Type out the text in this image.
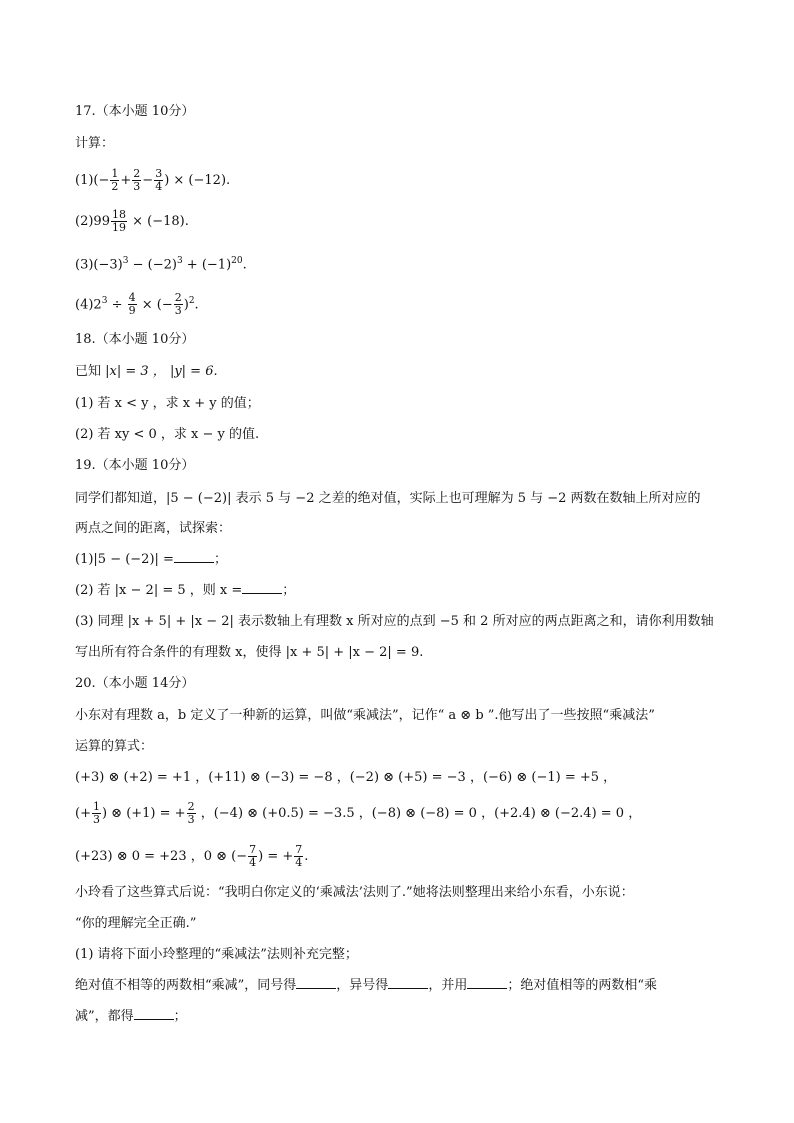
17.（本小题 10分）
计算：
$(1)(- \frac{1}{2} + \frac{2}{3} - \frac{3}{4}$ ) × (−12).
$(2)99 \frac{18}{19} \times (-18)$.
$(3)(-3)^3 - (-2)^3 + (-1)^{20}$.
$(4)2^3 \div \frac{4}{9}$ × (− $\frac{2}{3} )^2$.
18.（本小题 10分）
已知 |x| = 3 ， |y| = 6.
(1) 若 x < y ，求 x + y 的值；
(2) 若 xy < 0 ，求 x − y 的值.
19.（本小题 10分）
同学们都知道，|5 − (−2)| 表示 5 与 −2 之差的绝对值，实际上也可理解为 5 与 −2 两数在数轴上所对应的
两点之间的距离，试探索：
(1)|5 − (−2)| =	；
(2) 若 |x − 2| = 5 ，则 x =	；
(3) 同理 |x + 5| + |x − 2| 表示数轴上有理数 x 所对应的点到 −5 和 2 所对应的两点距离之和，请你利用数轴
写出所有符合条件的有理数 x，使得 |x + 5| + |x − 2| = 9.
20.（本小题 14分）
小东对有理数 a，b 定义了一种新的运算，叫做“乘减法”，记作“ a ⊗ b ”.他写出了一些按照“乘减法”
运算的算式：
(+3) ⊗ (+2) = +1 ，(+11) ⊗ (−3) = −8 ，(−2) ⊗ (+5) = −3 ，(−6) ⊗ (−1) = +5 ，
(+ $\frac{1}{3}$ ) ⊗ (+1) = + $\frac{2}{3}$ ，(−4) ⊗ (+0.5) = −3.5 ，(−8) ⊗ (−8) = 0 ，(+2.4) ⊗ (−2.4) = 0 ，
(+23) ⊗ 0 = +23 ，0 ⊗ (− $\frac{7}{4}$ ) = + $\frac{7}{4}$ .
小玲看了这些算式后说：“我明白你定义的‘乘减法’法则了.”她将法则整理出来给小东看，小东说：
“你的理解完全正确.”
(1) 请将下面小玲整理的“乘减法”法则补充完整；
绝对值不相等的两数相“乘减”，同号得	，异号得	，并用	；绝对值相等的两数相“乘
减”，都得	；
